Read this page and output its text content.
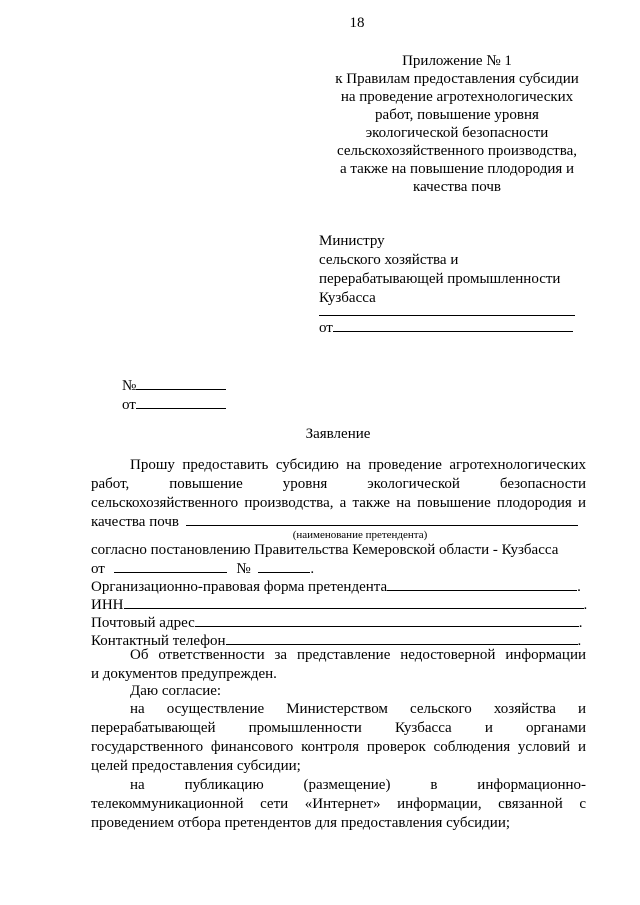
18
Приложение № 1
к Правилам предоставления субсидии
на проведение агротехнологических
работ, повышение уровня
экологической безопасности
сельскохозяйственного производства,
а также на повышение плодородия и
качества почв
Министру
сельского хозяйства и
перерабатывающей промышленности
Кузбасса
от
№
от
Заявление
Прошу предоставить субсидию на проведение агротехнологических
работ, повышение уровня экологической безопасности
сельскохозяйственного производства, а также на повышение плодородия и
качества почв
(наименование претендента)
согласно постановлению Правительства Кемеровской области - Кузбасса
от	№	.
Организационно-правовая форма претендента	.
ИНН	.
Почтовый адрес	.
Контактный телефон	.
Об ответственности за представление недостоверной информации
и документов предупрежден.
Даю согласие:
на осуществление Министерством сельского хозяйства и
перерабатывающей промышленности Кузбасса и органами
государственного финансового контроля проверок соблюдения условий и
целей предоставления субсидии;
на публикацию (размещение) в информационно-
телекоммуникационной сети «Интернет» информации, связанной с
проведением отбора претендентов для предоставления субсидии;
